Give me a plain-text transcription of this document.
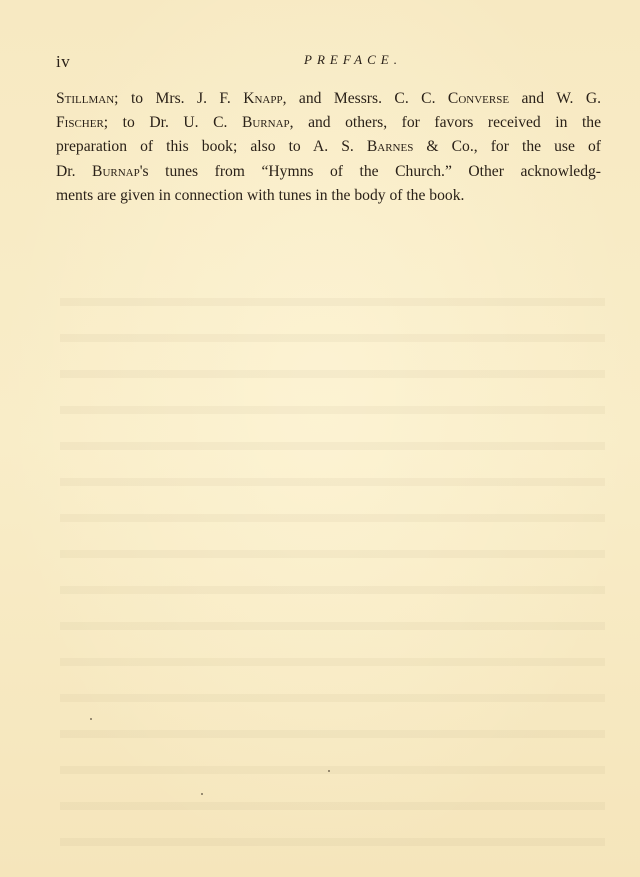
iv	PREFACE.
Stillman; to Mrs. J. F. Knapp, and Messrs. C. C. Converse and W. G.
Fischer; to Dr. U. C. Burnap, and others, for favors received in the
preparation of this book; also to A. S. Barnes & Co., for the use of
Dr. Burnap's tunes from “Hymns of the Church.” Other acknowledg-
ments are given in connection with tunes in the body of the book.
